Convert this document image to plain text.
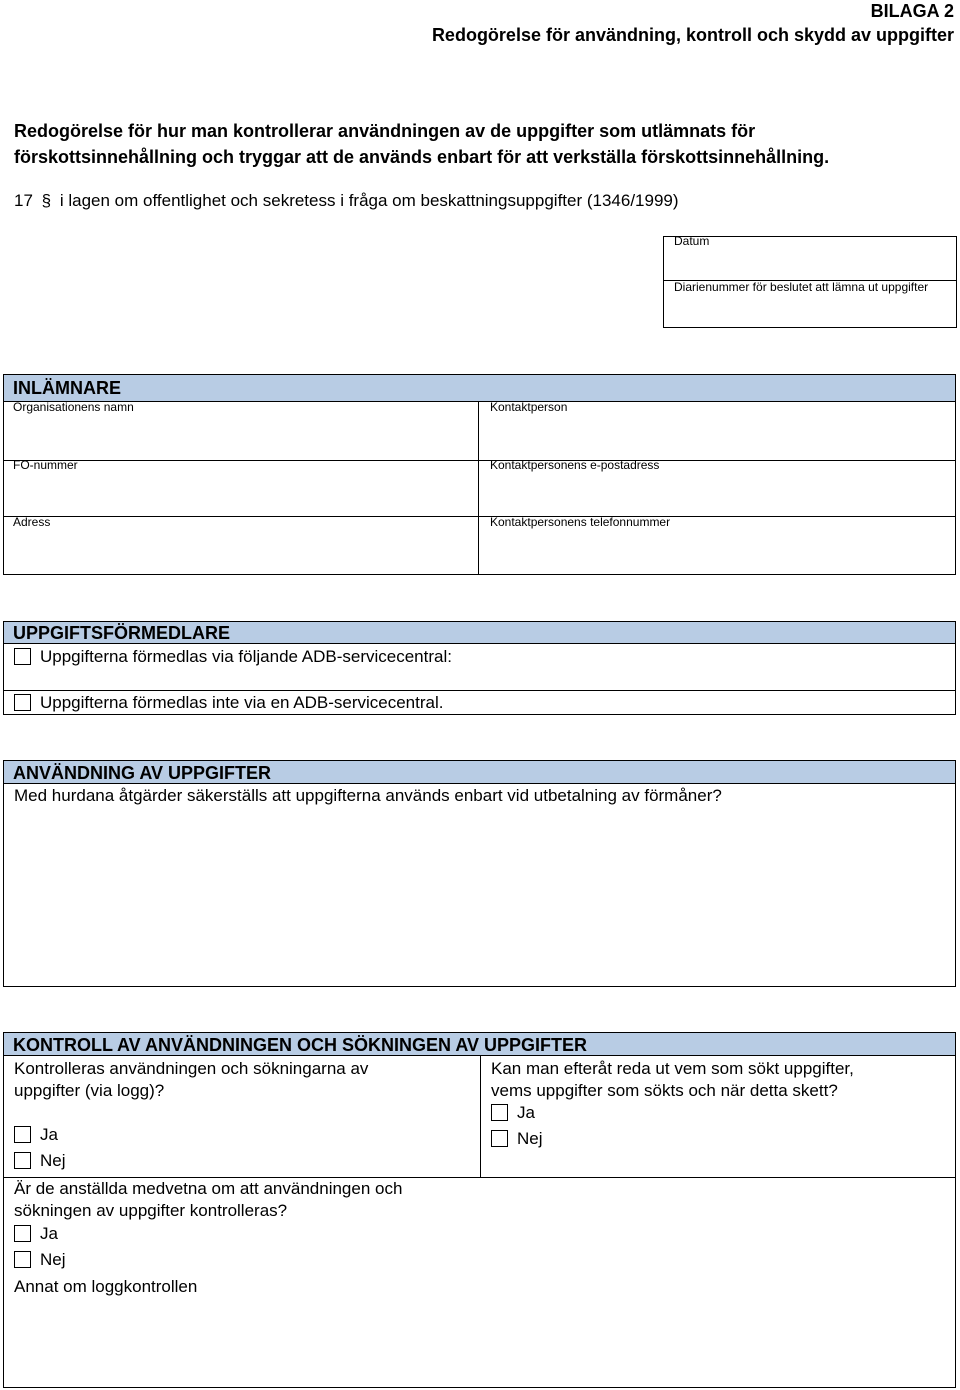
BILAGA 2
Redogörelse för användning, kontroll och skydd av uppgifter
Redogörelse för hur man kontrollerar användningen av de uppgifter som utlämnats för
förskottsinnehållning och tryggar att de används enbart för att verkställa förskottsinnehållning.
17 § i lagen om offentlighet och sekretess i fråga om beskattningsuppgifter (1346/1999)
Datum
Diarienummer för beslutet att lämna ut uppgifter
INLÄMNARE
Organisationens namn	Kontaktperson
FO-nummer	Kontaktpersonens e-postadress
Adress	Kontaktpersonens telefonnummer
UPPGIFTSFÖRMEDLARE
Uppgifterna förmedlas via följande ADB-servicecentral:
Uppgifterna förmedlas inte via en ADB-servicecentral.
ANVÄNDNING AV UPPGIFTER
Med hurdana åtgärder säkerställs att uppgifterna används enbart vid utbetalning av förmåner?
KONTROLL AV ANVÄNDNINGEN OCH SÖKNINGEN AV UPPGIFTER
Kontrolleras användningen och sökningarna av
uppgifter (via logg)?
Ja
Nej
Kan man efteråt reda ut vem som sökt uppgifter,
vems uppgifter som sökts och när detta skett?
Ja
Nej
Är de anställda medvetna om att användningen och
sökningen av uppgifter kontrolleras?
Ja
Nej
Annat om loggkontrollen
